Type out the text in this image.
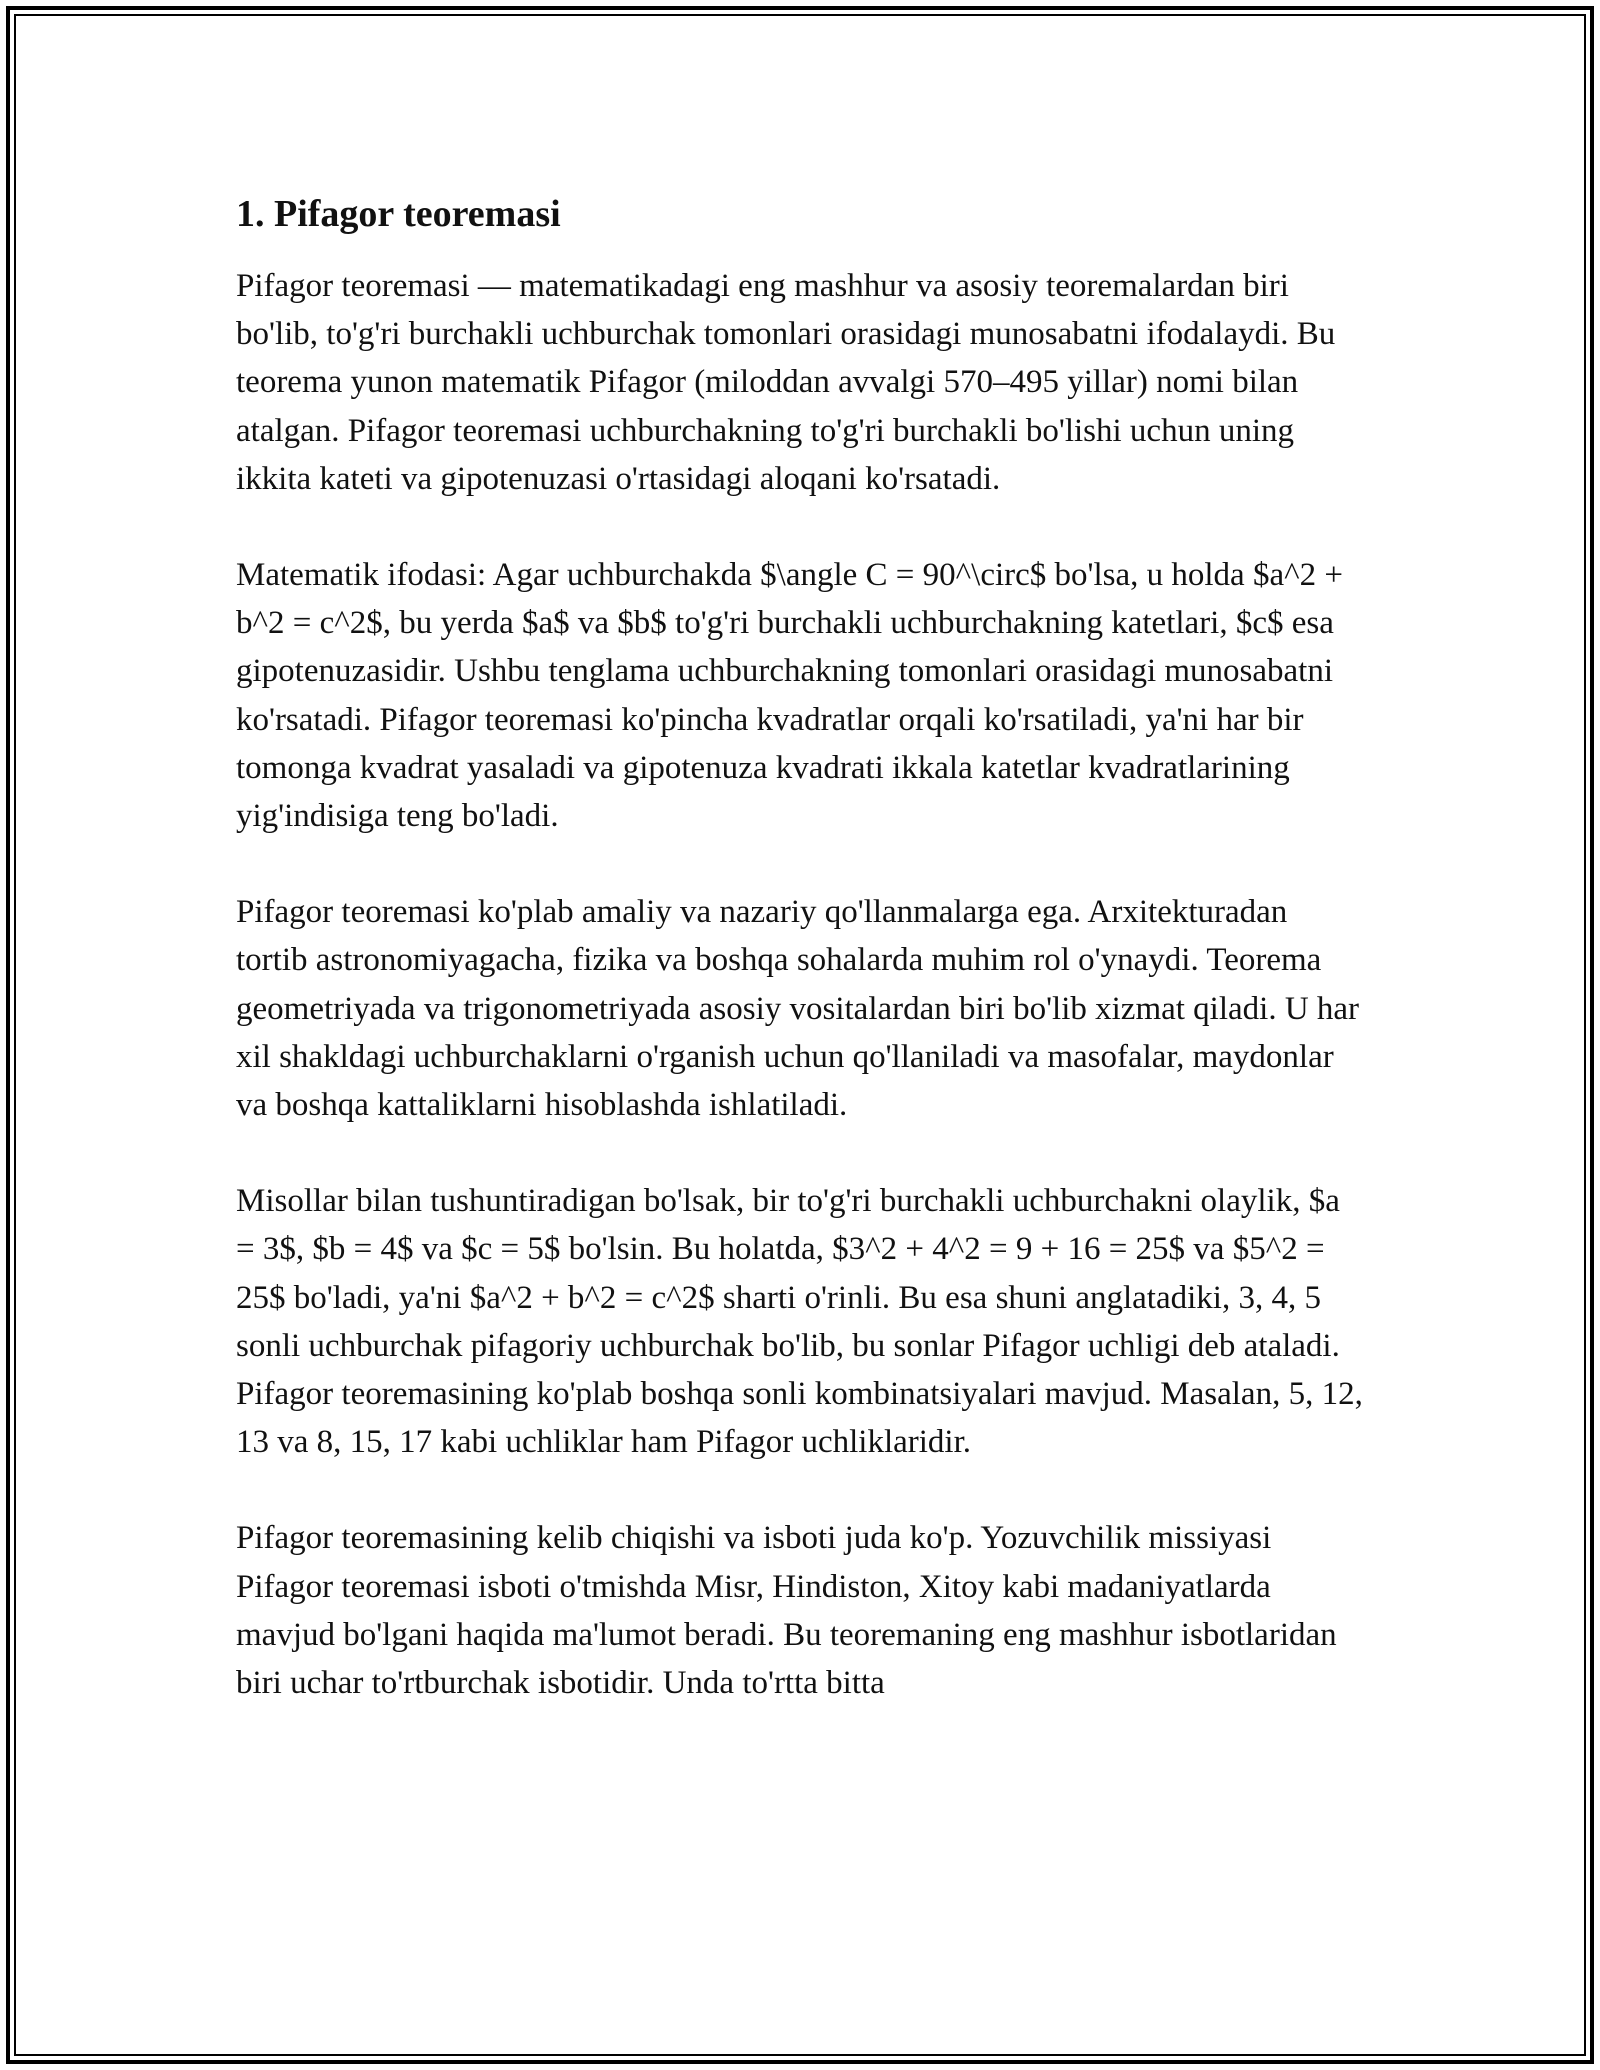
1. Pifagor teoremasi

Pifagor teoremasi — matematikadagi eng mashhur va asosiy teoremalardan biri bo'lib, to'g'ri burchakli uchburchak tomonlari orasidagi munosabatni ifodalaydi. Bu teorema yunon matematik Pifagor (miloddan avvalgi 570–495 yillar) nomi bilan atalgan. Pifagor teoremasi uchburchakning to'g'ri burchakli bo'lishi uchun uning ikkita kateti va gipotenuzasi o'rtasidagi aloqani ko'rsatadi.

Matematik ifodasi: Agar uchburchakda $\angle C = 90^\circ$ bo'lsa, u holda $a^2 + b^2 = c^2$, bu yerda $a$ va $b$ to'g'ri burchakli uchburchakning katetlari, $c$ esa gipotenuzasidir. Ushbu tenglama uchburchakning tomonlari orasidagi munosabatni ko'rsatadi. Pifagor teoremasi ko'pincha kvadratlar orqali ko'rsatiladi, ya'ni har bir tomonga kvadrat yasaladi va gipotenuza kvadrati ikkala katetlar kvadratlarining yig'indisiga teng bo'ladi.

Pifagor teoremasi ko'plab amaliy va nazariy qo'llanmalarga ega. Arxitekturadan tortib astronomiyagacha, fizika va boshqa sohalarda muhim rol o'ynaydi. Teorema geometriyada va trigonometriyada asosiy vositalardan biri bo'lib xizmat qiladi. U har xil shakldagi uchburchaklarni o'rganish uchun qo'llaniladi va masofalar, maydonlar va boshqa kattaliklarni hisoblashda ishlatiladi.

Misollar bilan tushuntiradigan bo'lsak, bir to'g'ri burchakli uchburchakni olaylik, $a = 3$, $b = 4$ va $c = 5$ bo'lsin. Bu holatda, $3^2 + 4^2 = 9 + 16 = 25$ va $5^2 = 25$ bo'ladi, ya'ni $a^2 + b^2 = c^2$ sharti o'rinli. Bu esa shuni anglatadiki, 3, 4, 5 sonli uchburchak pifagoriy uchburchak bo'lib, bu sonlar Pifagor uchligi deb ataladi. Pifagor teoremasining ko'plab boshqa sonli kombinatsiyalari mavjud. Masalan, 5, 12, 13 va 8, 15, 17 kabi uchliklar ham Pifagor uchliklaridir.

Pifagor teoremasining kelib chiqishi va isboti juda ko'p. Yozuvchilik missiyasi Pifagor teoremasi isboti o'tmishda Misr, Hindiston, Xitoy kabi madaniyatlarda mavjud bo'lgani haqida ma'lumot beradi. Bu teoremaning eng mashhur isbotlaridan biri uchar to'rtburchak isbotidir. Unda to'rtta bitta
